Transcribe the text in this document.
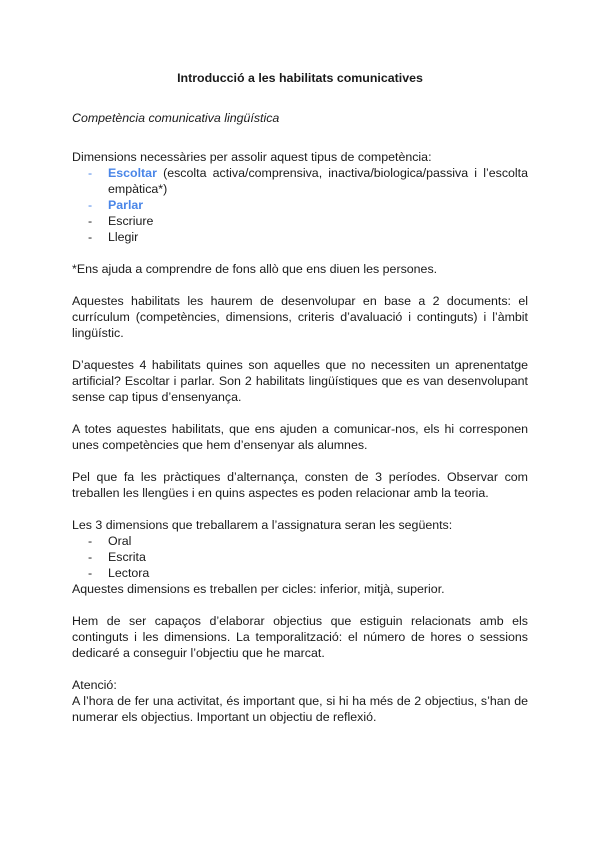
Introducció a les habilitats comunicatives
Competència comunicativa lingüística

Dimensions necessàries per assolir aquest tipus de competència:

- Escoltar (escolta activa/comprensiva, inactiva/biologica/passiva i l’escolta empàtica*)
- Parlar
- Escriure
- Llegir

*Ens ajuda a comprendre de fons allò que ens diuen les persones.

Aquestes habilitats les haurem de desenvolupar en base a 2 documents: el currículum (competències, dimensions, criteris d’avaluació i continguts) i l’àmbit lingüístic.

D’aquestes 4 habilitats quines son aquelles que no necessiten un aprenentatge artificial? Escoltar i parlar. Son 2 habilitats lingüístiques que es van desenvolupant sense cap tipus d’ensenyança.

A totes aquestes habilitats, que ens ajuden a comunicar-nos, els hi corresponen unes competències que hem d’ensenyar als alumnes.

Pel que fa les pràctiques d’alternança, consten de 3 períodes. Observar com treballen les llengües i en quins aspectes es poden relacionar amb la teoria.

Les 3 dimensions que treballarem a l’assignatura seran les següents:

- Oral
- Escrita
- Lectora

Aquestes dimensions es treballen per cicles: inferior, mitjà, superior.

Hem de ser capaços d’elaborar objectius que estiguin relacionats amb els continguts i les dimensions. La temporalització: el número de hores o sessions dedicaré a conseguir l’objectiu que he marcat.

Atenció:

A l’hora de fer una activitat, és important que, si hi ha més de 2 objectius, s’han de numerar els objectius. Important un objectiu de reflexió.
